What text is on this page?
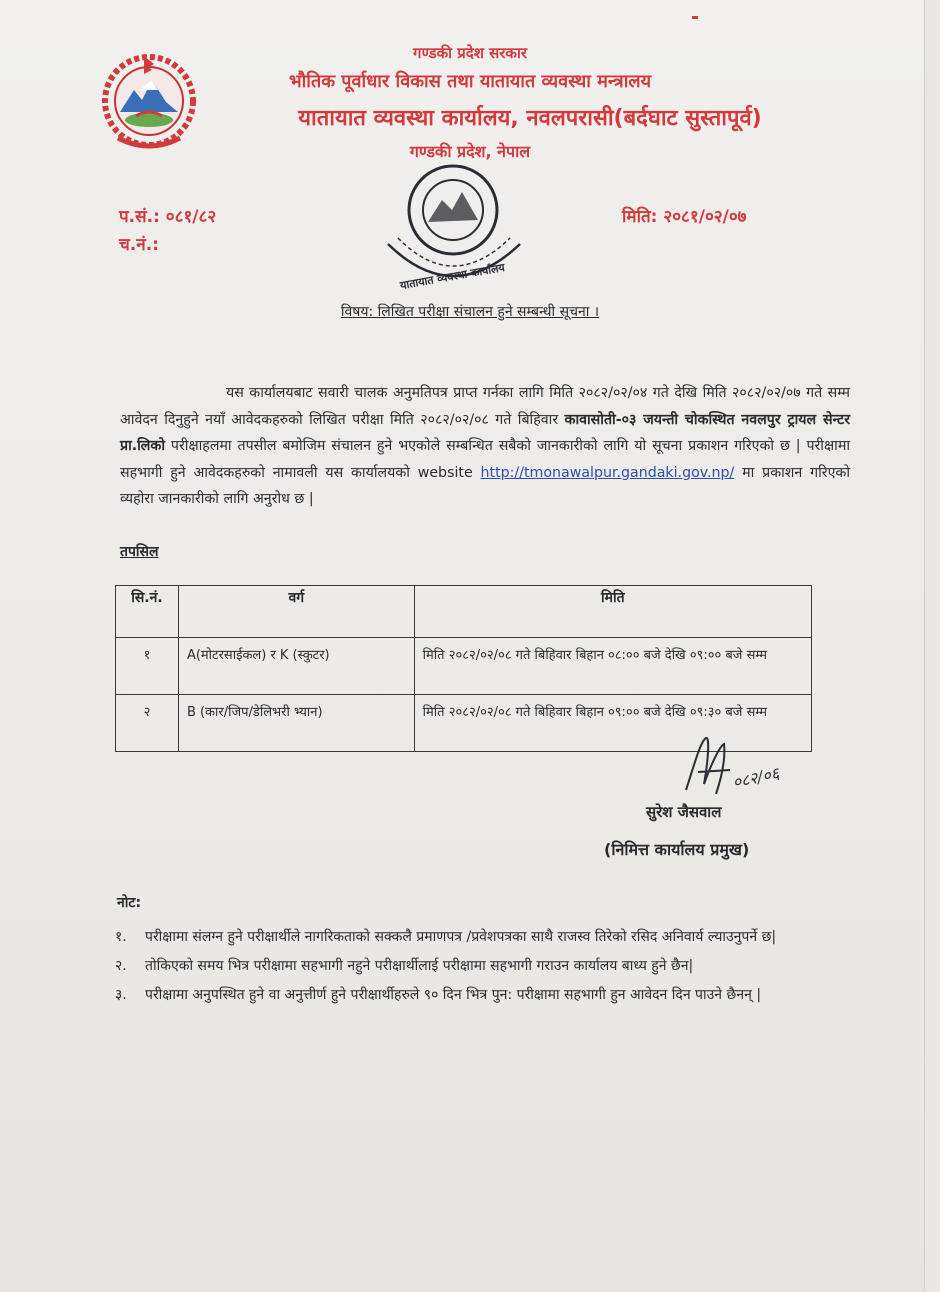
गण्डकी प्रदेश सरकार

भौतिक पूर्वाधार विकास तथा यातायात व्यवस्था मन्त्रालय

यातायात व्यवस्था कार्यालय, नवलपरासी(बर्दघाट सुस्तापूर्व)

गण्डकी प्रदेश, नेपाल

प.सं.: ०८१/८२

च.नं.:

मिति: २०८१/०२/०७

यातायात व्यवस्था कार्यालय

विषय: लिखित परीक्षा संचालन हुने सम्बन्धी सूचना ।

यस कार्यालयबाट सवारी चालक अनुमतिपत्र प्राप्त गर्नका लागि मिति २०८२/०२/०४ गते देखि मिति २०८२/०२/०७ गते सम्म आवेदन दिनुहुने नयाँ आवेदकहरुको लिखित परीक्षा मिति २०८२/०२/०८ गते बिहिवार कावासोती-०३ जयन्ती चोकस्थित नवलपुर ट्रायल सेन्टर प्रा.लिको परीक्षाहलमा तपसील बमोजिम संचालन हुने भएकोले सम्बन्धित सबैको जानकारीको लागि यो सूचना प्रकाशन गरिएको छ | परीक्षामा सहभागी हुने आवेदकहरुको नामावली यस कार्यालयको website http://tmonawalpur.gandaki.gov.np/ मा प्रकाशन गरिएको व्यहोरा जानकारीको लागि अनुरोध छ |

तपसिल

सि.नं.	वर्ग	मिति
१	A(मोटरसाईकल) र K (स्कुटर)	मिति २०८२/०२/०८ गते बिहिवार बिहान ०८:०० बजे देखि ०९:०० बजे सम्म
२	B (कार/जिप/डेलिभरी भ्यान)	मिति २०८२/०२/०८ गते बिहिवार बिहान ०९:०० बजे देखि ०९:३० बजे सम्म
०८२/०६

सुरेश जैसवाल

(निमित्त कार्यालय प्रमुख)

नोट:

१. परीक्षामा संलग्न हुने परीक्षार्थीले नागरिकताको सक्कलै प्रमाणपत्र /प्रवेशपत्रका साथै राजस्व तिरेको रसिद अनिवार्य ल्याउनुपर्ने छ|
२. तोकिएको समय भित्र परीक्षामा सहभागी नहुने परीक्षार्थीलाई परीक्षामा सहभागी गराउन कार्यालय बाध्य हुने छैन|
३. परीक्षामा अनुपस्थित हुने वा अनुत्तीर्ण हुने परीक्षार्थीहरुले ९० दिन भित्र पुन: परीक्षामा सहभागी हुन आवेदन दिन पाउने छैनन् |
